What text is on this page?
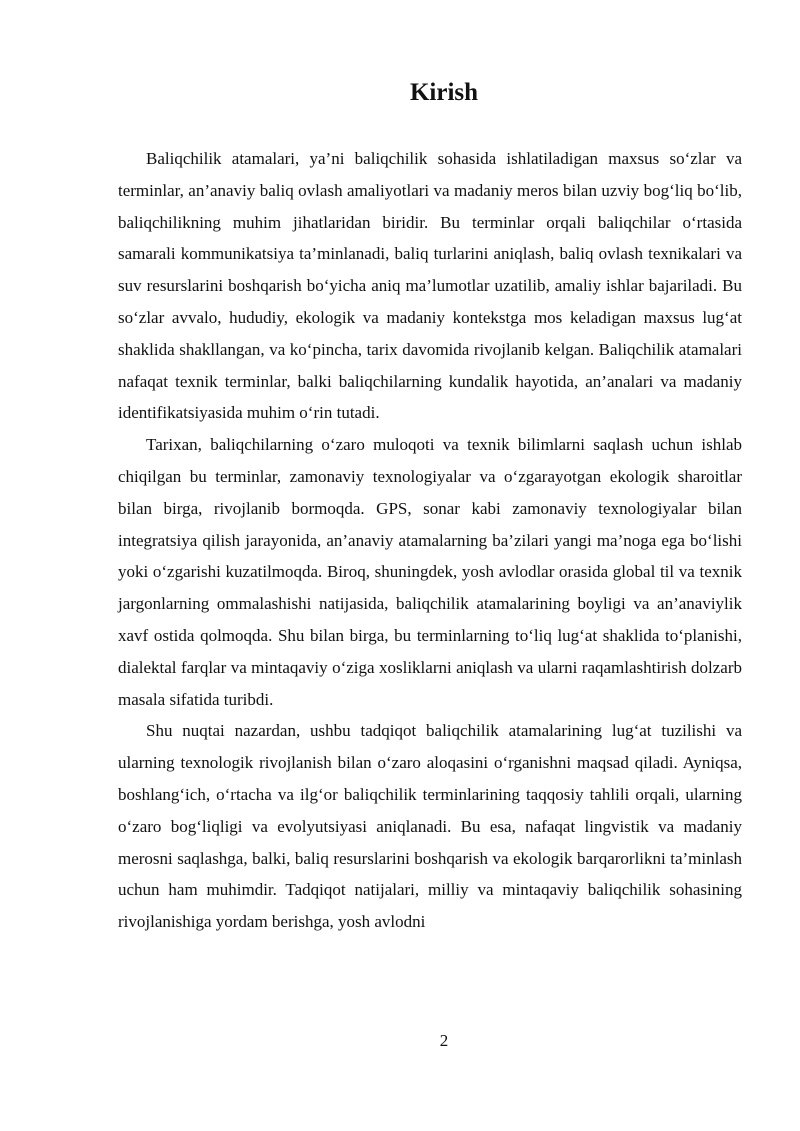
Kirish

Baliqchilik atamalari, ya’ni baliqchilik sohasida ishlatiladigan maxsus so‘zlar va terminlar, an’anaviy baliq ovlash amaliyotlari va madaniy meros bilan uzviy bog‘liq bo‘lib, baliqchilikning muhim jihatlaridan biridir. Bu terminlar orqali baliqchilar o‘rtasida samarali kommunikatsiya ta’minlanadi, baliq turlarini aniqlash, baliq ovlash texnikalari va suv resurslarini boshqarish bo‘yicha aniq ma’lumotlar uzatilib, amaliy ishlar bajariladi. Bu so‘zlar avvalo, hududiy, ekologik va madaniy kontekstga mos keladigan maxsus lug‘at shaklida shakllangan, va ko‘pincha, tarix davomida rivojlanib kelgan. Baliqchilik atamalari nafaqat texnik terminlar, balki baliqchilarning kundalik hayotida, an’analari va madaniy identifikatsiyasida muhim o‘rin tutadi.

Tarixan, baliqchilarning o‘zaro muloqoti va texnik bilimlarni saqlash uchun ishlab chiqilgan bu terminlar, zamonaviy texnologiyalar va o‘zgarayotgan ekologik sharoitlar bilan birga, rivojlanib bormoqda. GPS, sonar kabi zamonaviy texnologiyalar bilan integratsiya qilish jarayonida, an’anaviy atamalarning ba’zilari yangi ma’noga ega bo‘lishi yoki o‘zgarishi kuzatilmoqda. Biroq, shuningdek, yosh avlodlar orasida global til va texnik jargonlarning ommalashishi natijasida, baliqchilik atamalarining boyligi va an’anaviylik xavf ostida qolmoqda. Shu bilan birga, bu terminlarning to‘liq lug‘at shaklida to‘planishi, dialektal farqlar va mintaqaviy o‘ziga xosliklarni aniqlash va ularni raqamlashtirish dolzarb masala sifatida turibdi.

Shu nuqtai nazardan, ushbu tadqiqot baliqchilik atamalarining lug‘at tuzilishi va ularning texnologik rivojlanish bilan o‘zaro aloqasini o‘rganishni maqsad qiladi. Ayniqsa, boshlang‘ich, o‘rtacha va ilg‘or baliqchilik terminlarining taqqosiy tahlili orqali, ularning o‘zaro bog‘liqligi va evolyutsiyasi aniqlanadi. Bu esa, nafaqat lingvistik va madaniy merosni saqlashga, balki, baliq resurslarini boshqarish va ekologik barqarorlikni ta’minlash uchun ham muhimdir. Tadqiqot natijalari, milliy va mintaqaviy baliqchilik sohasining rivojlanishiga yordam berishga, yosh avlodni

2
